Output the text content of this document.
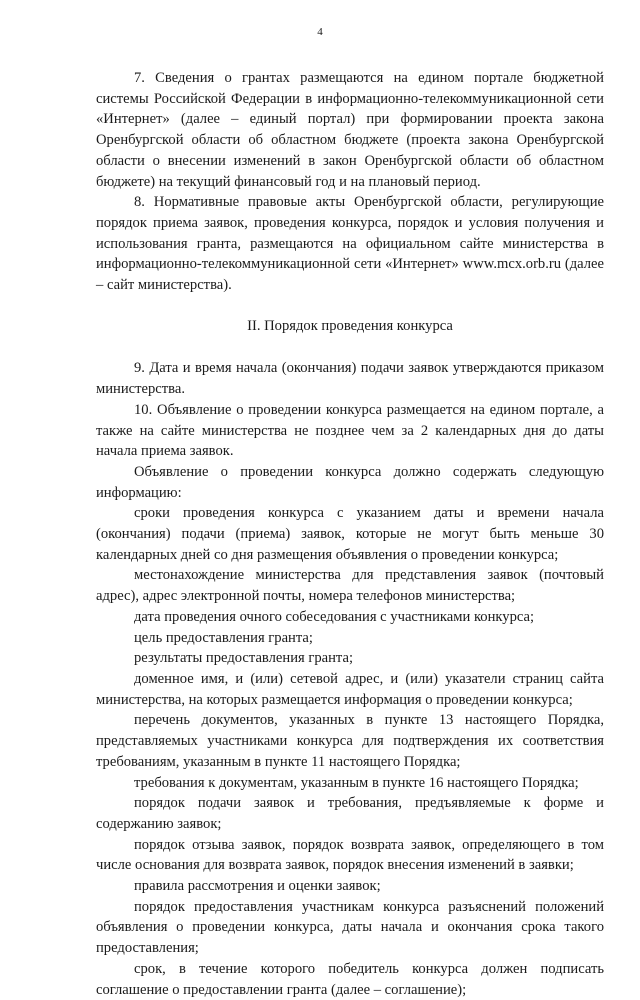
4

7. Сведения о грантах размещаются на едином портале бюджетной системы Российской Федерации в информационно-телекоммуникационной сети «Интернет» (далее – единый портал) при формировании проекта закона Оренбургской области об областном бюджете (проекта закона Оренбургской области о внесении изменений в закон Оренбургской области об областном бюджете) на текущий финансовый год и на плановый период.

8. Нормативные правовые акты Оренбургской области, регулирующие порядок приема заявок, проведения конкурса, порядок и условия получения и использования гранта, размещаются на официальном сайте министерства в информационно-телекоммуникационной сети «Интернет» www.mcx.orb.ru (далее – сайт министерства).

II. Порядок проведения конкурса

9. Дата и время начала (окончания) подачи заявок утверждаются приказом министерства.

10. Объявление о проведении конкурса размещается на едином портале, а также на сайте министерства не позднее чем за 2 календарных дня до даты начала приема заявок.

Объявление о проведении конкурса должно содержать следующую информацию:

сроки проведения конкурса с указанием даты и времени начала (окончания) подачи (приема) заявок, которые не могут быть меньше 30 календарных дней со дня размещения объявления о проведении конкурса;

местонахождение министерства для представления заявок (почтовый адрес), адрес электронной почты, номера телефонов министерства;

дата проведения очного собеседования с участниками конкурса;

цель предоставления гранта;

результаты предоставления гранта;

доменное имя, и (или) сетевой адрес, и (или) указатели страниц сайта министерства, на которых размещается информация о проведении конкурса;

перечень документов, указанных в пункте 13 настоящего Порядка, представляемых участниками конкурса для подтверждения их соответствия требованиям, указанным в пункте 11 настоящего Порядка;

требования к документам, указанным в пункте 16 настоящего Порядка;

порядок подачи заявок и требования, предъявляемые к форме и содержанию заявок;

порядок отзыва заявок, порядок возврата заявок, определяющего в том числе основания для возврата заявок, порядок внесения изменений в заявки;

правила рассмотрения и оценки заявок;

порядок предоставления участникам конкурса разъяснений положений объявления о проведении конкурса, даты начала и окончания срока такого предоставления;

срок, в течение которого победитель конкурса должен подписать соглашение о предоставлении гранта (далее – соглашение);
